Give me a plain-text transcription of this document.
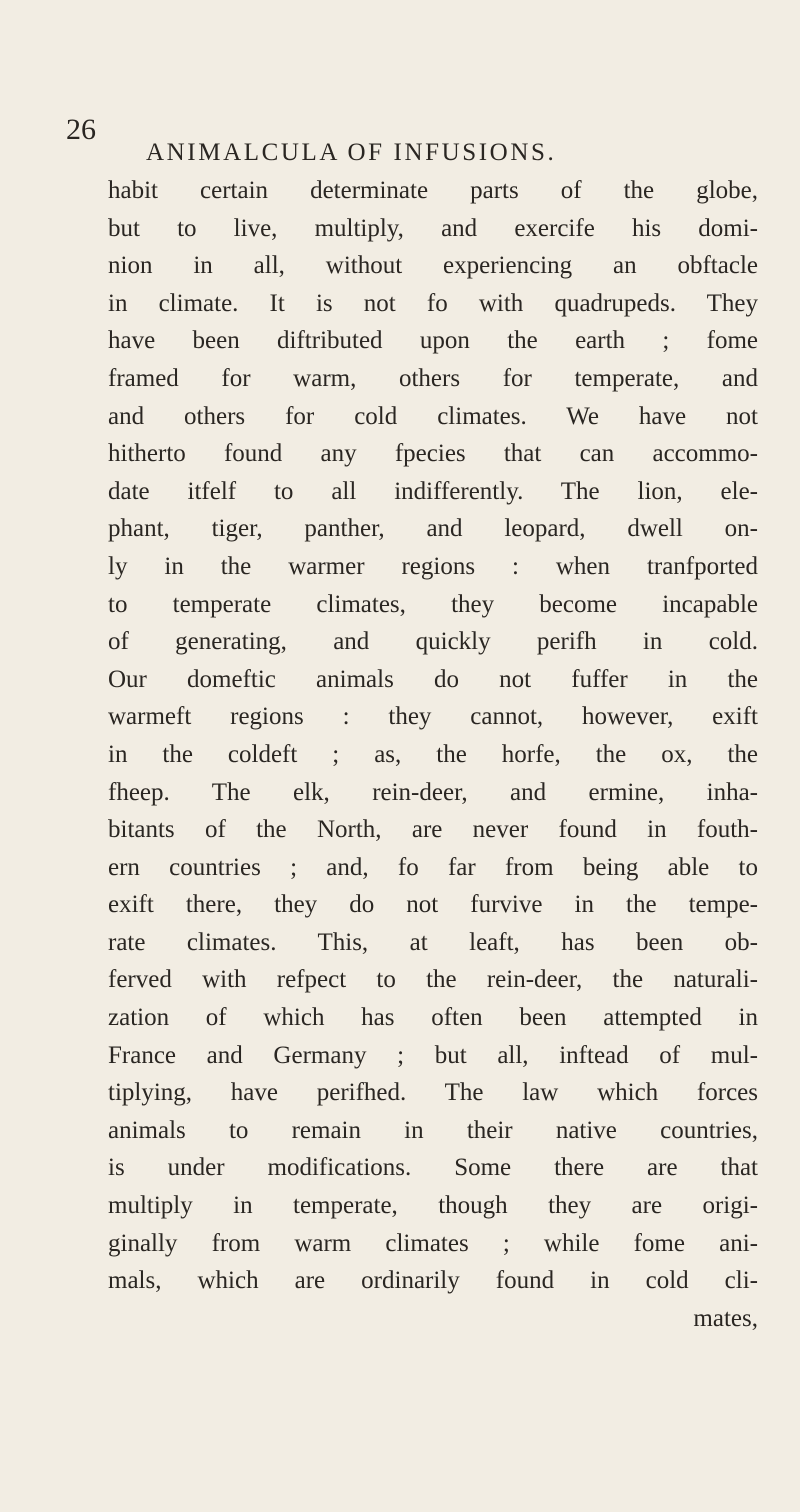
26
ANIMALCULA OF INFUSIONS.
habit certain determinate parts of the globe,
but to live, multiply, and exercife his domi-
nion in all, without experiencing an obftacle
in climate. It is not fo with quadrupeds. They
have been diftributed upon the earth ; fome
framed for warm, others for temperate, and
and others for cold climates. We have not
hitherto found any fpecies that can accommo-
date itfelf to all indifferently. The lion, ele-
phant, tiger, panther, and leopard, dwell on-
ly in the warmer regions : when tranfported
to temperate climates, they become incapable
of generating, and quickly perifh in cold.
Our domeftic animals do not fuffer in the
warmeft regions : they cannot, however, exift
in the coldeft ; as, the horfe, the ox, the
fheep. The elk, rein-deer, and ermine, inha-
bitants of the North, are never found in fouth-
ern countries ; and, fo far from being able to
exift there, they do not furvive in the tempe-
rate climates. This, at leaft, has been ob-
ferved with refpect to the rein-deer, the naturali-
zation of which has often been attempted in
France and Germany ; but all, inftead of mul-
tiplying, have perifhed. The law which forces
animals to remain in their native countries,
is under modifications. Some there are that
multiply in temperate, though they are origi-
ginally from warm climates ; while fome ani-
mals, which are ordinarily found in cold cli-
mates,
